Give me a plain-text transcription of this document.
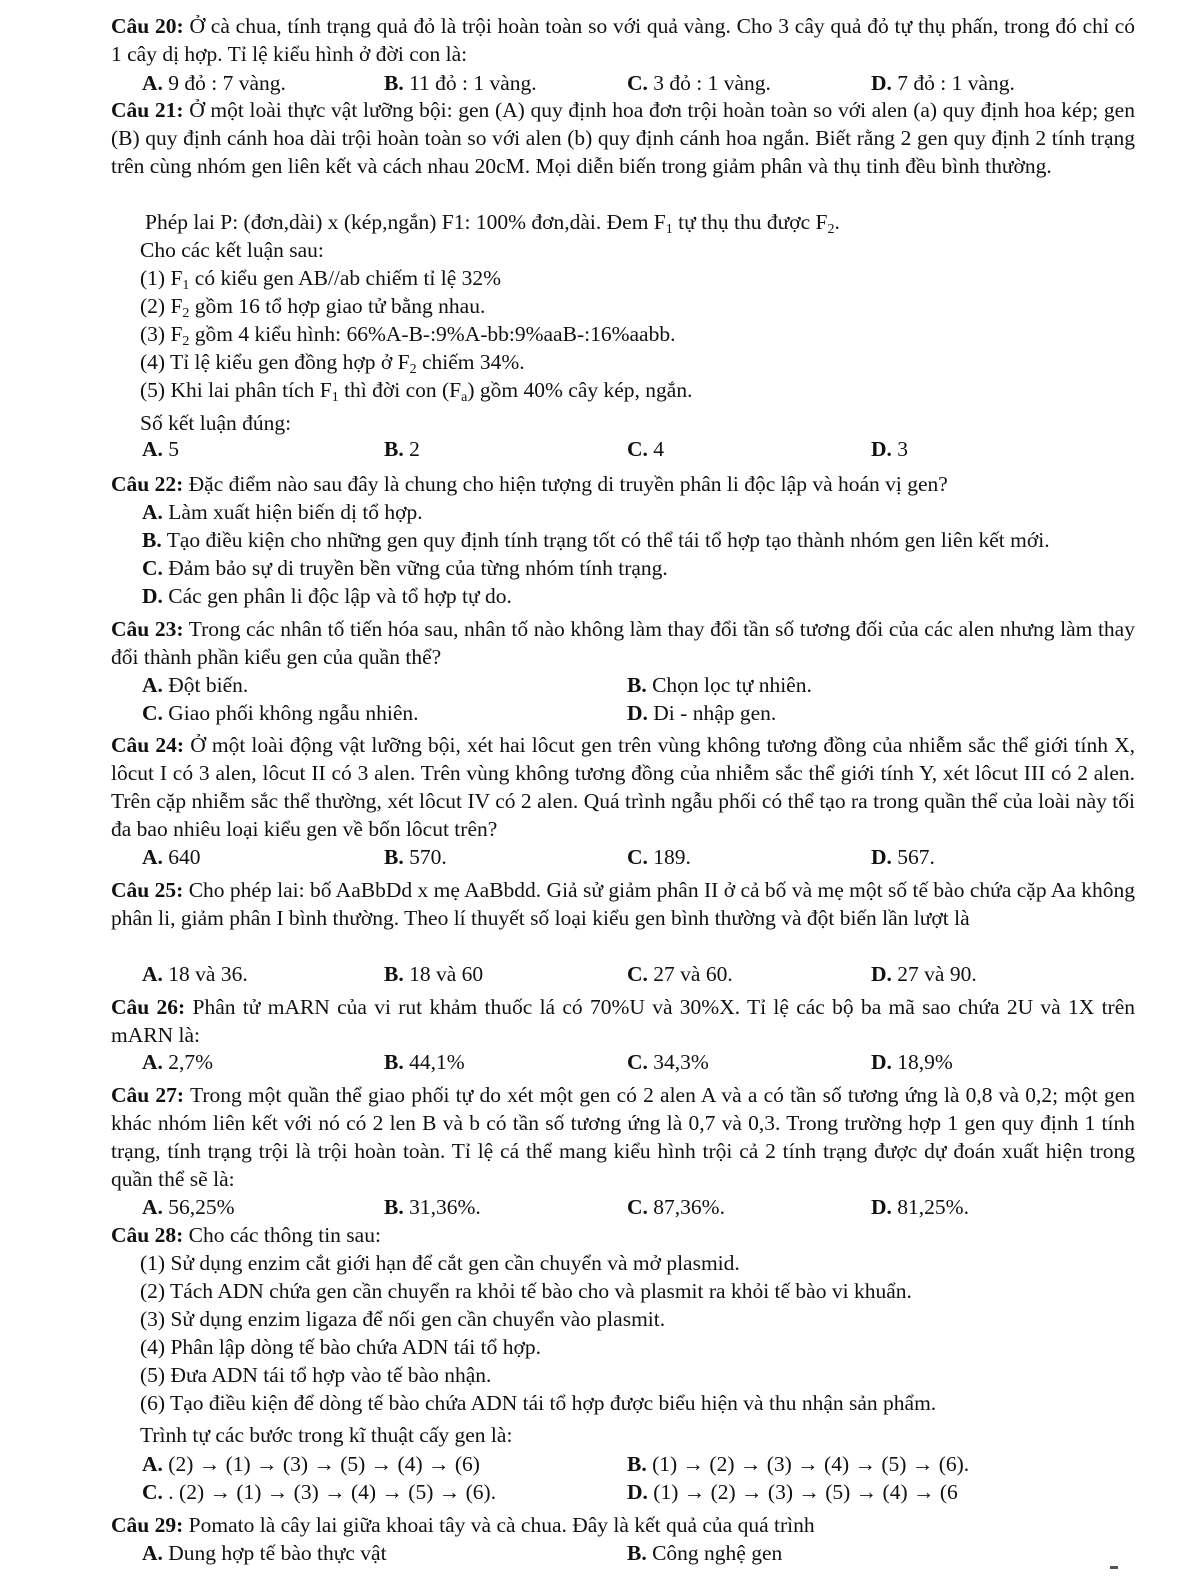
Câu 20: Ở cà chua, tính trạng quả đỏ là trội hoàn toàn so với quả vàng. Cho 3 cây quả đỏ tự thụ phấn, trong đó chỉ có 1 cây dị hợp. Tỉ lệ kiểu hình ở đời con là:
A. 9 đỏ : 7 vàng.	B. 11 đỏ : 1 vàng.	C. 3 đỏ : 1 vàng.	D. 7 đỏ : 1 vàng.
Câu 21: Ở một loài thực vật lưỡng bội: gen (A) quy định hoa đơn trội hoàn toàn so với alen (a) quy định hoa kép; gen (B) quy định cánh hoa dài trội hoàn toàn so với alen (b) quy định cánh hoa ngắn. Biết rằng 2 gen quy định 2 tính trạng trên cùng nhóm gen liên kết và cách nhau 20cM. Mọi diễn biến trong giảm phân và thụ tinh đều bình thường.
Phép lai P: (đơn,dài) x (kép,ngắn) F1: 100% đơn,dài. Đem $F_1$ tự thụ thu được $F_2$.
Cho các kết luận sau:
(1) $F_1$ có kiểu gen AB//ab chiếm tỉ lệ 32%
(2) $F_2$ gồm 16 tổ hợp giao tử bằng nhau.
(3) $F_2$ gồm 4 kiểu hình: 66%A-B-:9%A-bb:9%aaB-:16%aabb.
(4) Tỉ lệ kiểu gen đồng hợp ở $F_2$ chiếm 34%.
(5) Khi lai phân tích $F_1$ thì đời con $(F_a)$ gồm 40% cây kép, ngắn.
Số kết luận đúng:
A. 5	B. 2	C. 4	D. 3
Câu 22: Đặc điểm nào sau đây là chung cho hiện tượng di truyền phân li độc lập và hoán vị gen?
A. Làm xuất hiện biến dị tổ hợp.
B. Tạo điều kiện cho những gen quy định tính trạng tốt có thể tái tổ hợp tạo thành nhóm gen liên kết mới.
C. Đảm bảo sự di truyền bền vững của từng nhóm tính trạng.
D. Các gen phân li độc lập và tổ hợp tự do.
Câu 23: Trong các nhân tố tiến hóa sau, nhân tố nào không làm thay đổi tần số tương đối của các alen nhưng làm thay đổi thành phần kiểu gen của quần thể?
A. Đột biến.	B. Chọn lọc tự nhiên.
C. Giao phối không ngẫu nhiên.	D. Di - nhập gen.
Câu 24: Ở một loài động vật lưỡng bội, xét hai lôcut gen trên vùng không tương đồng của nhiễm sắc thể giới tính X, lôcut I có 3 alen, lôcut II có 3 alen. Trên vùng không tương đồng của nhiễm sắc thể giới tính Y, xét lôcut III có 2 alen. Trên cặp nhiễm sắc thể thường, xét lôcut IV có 2 alen. Quá trình ngẫu phối có thể tạo ra trong quần thể của loài này tối đa bao nhiêu loại kiểu gen về bốn lôcut trên?
A. 640	B. 570.	C. 189.	D. 567.
Câu 25: Cho phép lai: bố AaBbDd x mẹ AaBbdd. Giả sử giảm phân II ở cả bố và mẹ một số tế bào chứa cặp Aa không phân li, giảm phân I bình thường. Theo lí thuyết số loại kiểu gen bình thường và đột biến lần lượt là
A. 18 và 36.	B. 18 và 60	C. 27 và 60.	D. 27 và 90.
Câu 26: Phân tử mARN của vi rut khảm thuốc lá có 70%U và 30%X. Tỉ lệ các bộ ba mã sao chứa 2U và 1X trên mARN là:
A. 2,7%	B. 44,1%	C. 34,3%	D. 18,9%
Câu 27: Trong một quần thể giao phối tự do xét một gen có 2 alen A và a có tần số tương ứng là 0,8 và 0,2; một gen khác nhóm liên kết với nó có 2 len B và b có tần số tương ứng là 0,7 và 0,3. Trong trường hợp 1 gen quy định 1 tính trạng, tính trạng trội là trội hoàn toàn. Tỉ lệ cá thể mang kiểu hình trội cả 2 tính trạng được dự đoán xuất hiện trong quần thể sẽ là:
A. 56,25%	B. 31,36%.	C. 87,36%.	D. 81,25%.
Câu 28: Cho các thông tin sau:
(1) Sử dụng enzim cắt giới hạn để cắt gen cần chuyển và mở plasmid.
(2) Tách ADN chứa gen cần chuyển ra khỏi tế bào cho và plasmit ra khỏi tế bào vi khuẩn.
(3) Sử dụng enzim ligaza để nối gen cần chuyển vào plasmit.
(4) Phân lập dòng tế bào chứa ADN tái tổ hợp.
(5) Đưa ADN tái tổ hợp vào tế bào nhận.
(6) Tạo điều kiện để dòng tế bào chứa ADN tái tổ hợp được biểu hiện và thu nhận sản phẩm.
Trình tự các bước trong kĩ thuật cấy gen là:
A. (2) → (1) → (3) → (5) → (4) → (6)	B. (1) → (2) → (3) → (4) → (5) → (6).
C. . (2) → (1) → (3) → (4) → (5) → (6).	D. (1) → (2) → (3) → (5) → (4) → (6
Câu 29: Pomato là cây lai giữa khoai tây và cà chua. Đây là kết quả của quá trình
A. Dung hợp tế bào thực vật	B. Công nghệ gen
